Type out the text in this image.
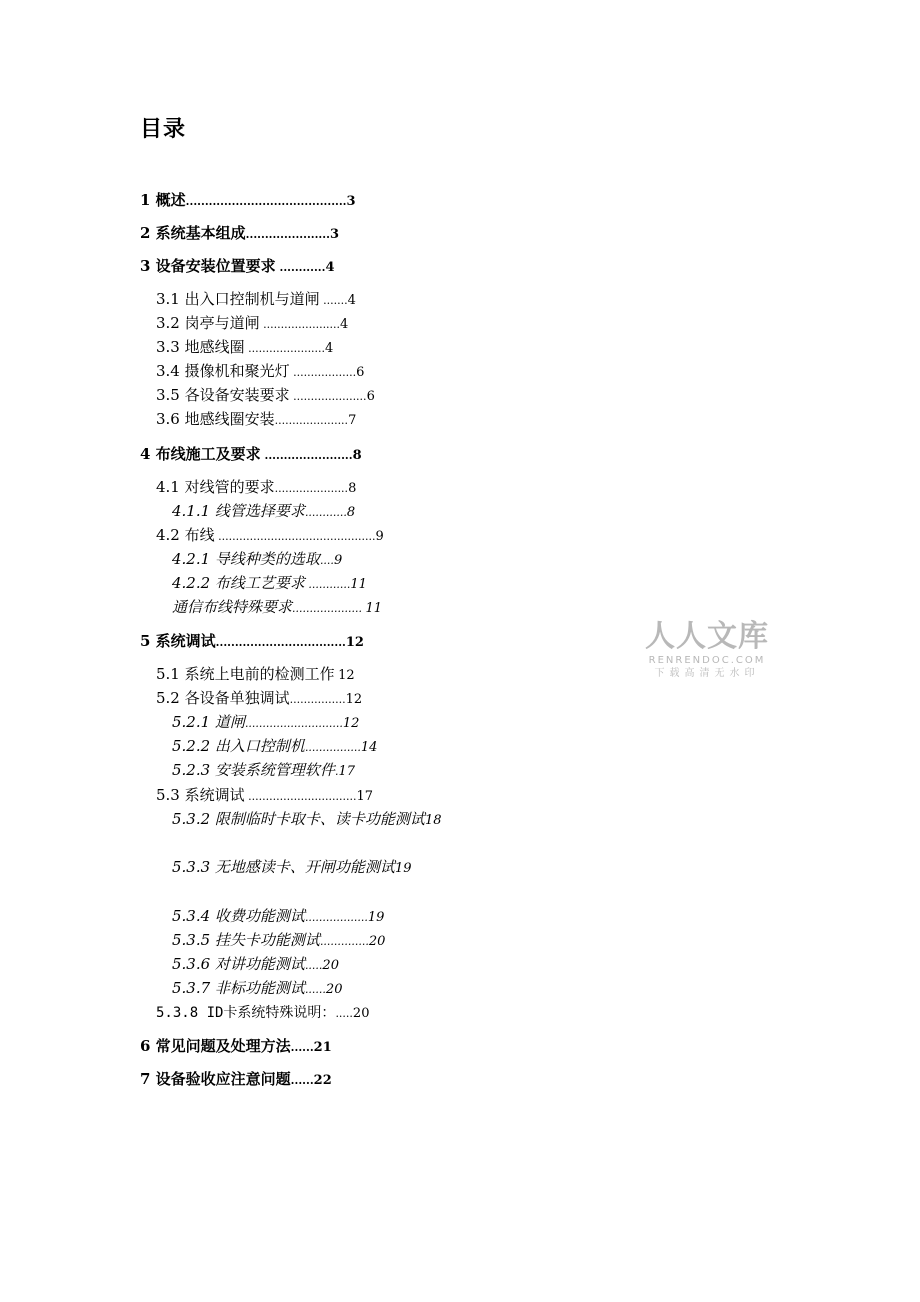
目录
1 概述..........................................3
2 系统基本组成......................3
3 设备安装位置要求 ............4
3.1 出入口控制机与道闸 .......4
3.2 岗亭与道闸 ......................4
3.3 地感线圈 ......................4
3.4 摄像机和聚光灯 ..................6
3.5 各设备安装要求 .....................6
3.6 地感线圈安装.....................7
4 布线施工及要求 .......................8
4.1 对线管的要求.....................8
4.1.1 线管选择要求............8
4.2 布线 .............................................9
4.2.1 导线种类的选取....9
4.2.2 布线工艺要求 ............11
通信布线特殊要求.................... 11
5 系统调试..................................12
5.1 系统上电前的检测工作 12
5.2 各设备单独调试................12
5.2.1 道闸............................12
5.2.2 出入口控制机................14
5.2.3 安装系统管理软件.17
5.3 系统调试 ...............................17
5.3.2 限制临时卡取卡、读卡功能测试18
5.3.3 无地感读卡、开闸功能测试19
5.3.4 收费功能测试..................19
5.3.5 挂失卡功能测试..............20
5.3.6 对讲功能测试.....20
5.3.7 非标功能测试......20
5.3.8 ID卡系统特殊说明：.....20
6 常见问题及处理方法......21
7 设备验收应注意问题......22
人人文库
RENRENDOC.COM
下载高清无水印
